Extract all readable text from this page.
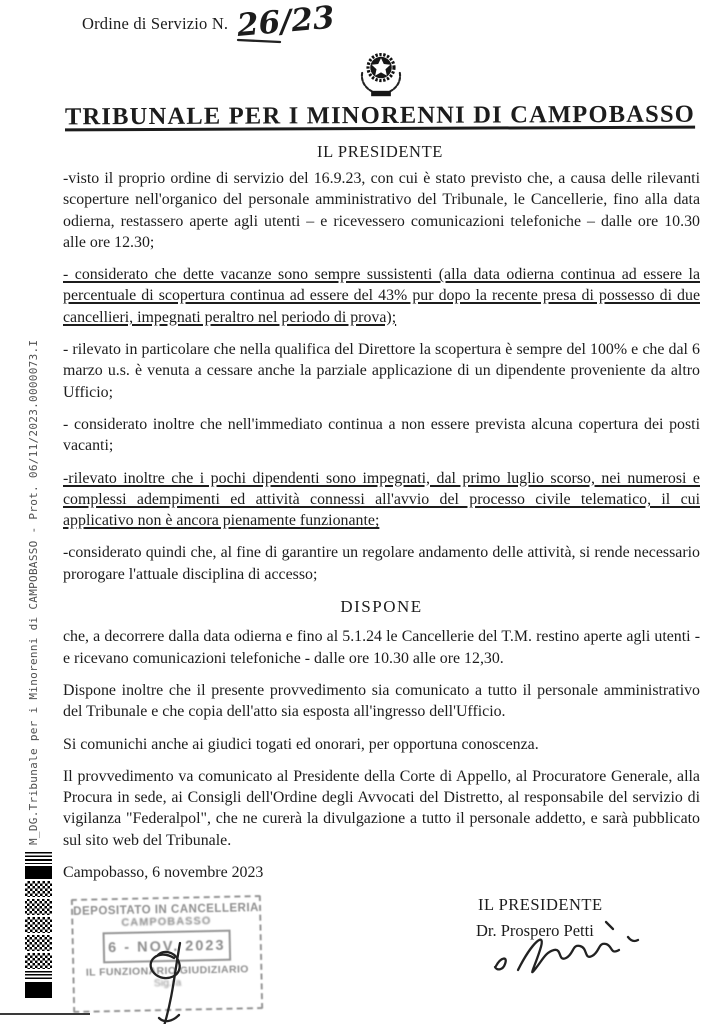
Ordine di Servizio N. 26/23
TRIBUNALE PER I MINORENNI DI CAMPOBASSO
IL PRESIDENTE

-visto il proprio ordine di servizio del 16.9.23, con cui è stato previsto che, a causa delle rilevanti scoperture nell'organico del personale amministrativo del Tribunale, le Cancellerie, fino alla data odierna, restassero aperte agli utenti – e ricevessero comunicazioni telefoniche – dalle ore 10.30 alle ore 12.30;

- considerato che dette vacanze sono sempre sussistenti (alla data odierna continua ad essere la percentuale di scopertura continua ad essere del 43% pur dopo la recente presa di possesso di due cancellieri, impegnati peraltro nel periodo di prova);

- rilevato in particolare che nella qualifica del Direttore la scopertura è sempre del 100% e che dal 6 marzo u.s. è venuta a cessare anche la parziale applicazione di un dipendente proveniente da altro Ufficio;

- considerato inoltre che nell'immediato continua a non essere prevista alcuna copertura dei posti vacanti;

-rilevato inoltre che i pochi dipendenti sono impegnati, dal primo luglio scorso, nei numerosi e complessi adempimenti ed attività connessi all'avvio del processo civile telematico, il cui applicativo non è ancora pienamente funzionante;

-considerato quindi che, al fine di garantire un regolare andamento delle attività, si rende necessario prorogare l'attuale disciplina di accesso;

DISPONE

che, a decorrere dalla data odierna e fino al 5.1.24 le Cancellerie del T.M. restino aperte agli utenti - e ricevano comunicazioni telefoniche - dalle ore 10.30 alle ore 12,30.

Dispone inoltre che il presente provvedimento sia comunicato a tutto il personale amministrativo del Tribunale e che copia dell'atto sia esposta all'ingresso dell'Ufficio.

Si comunichi anche ai giudici togati ed onorari, per opportuna conoscenza.

Il provvedimento va comunicato al Presidente della Corte di Appello, al Procuratore Generale, alla Procura in sede, ai Consigli dell'Ordine degli Avvocati del Distretto, al responsabile del servizio di vigilanza "Federalpol", che ne curerà la divulgazione a tutto il personale addetto, e sarà pubblicato sul sito web del Tribunale.

Campobasso, 6 novembre 2023

DEPOSITATO IN CANCELLERIA
CAMPOBASSO
6 - NOV. 2023
IL FUNZIONARIO GIUDIZIARIO
Sig.ra
IL PRESIDENTE
Dr. Prospero Petti
M_DG.Tribunale per i Minorenni di CAMPOBASSO - Prot. 06/11/2023.0000073.I
